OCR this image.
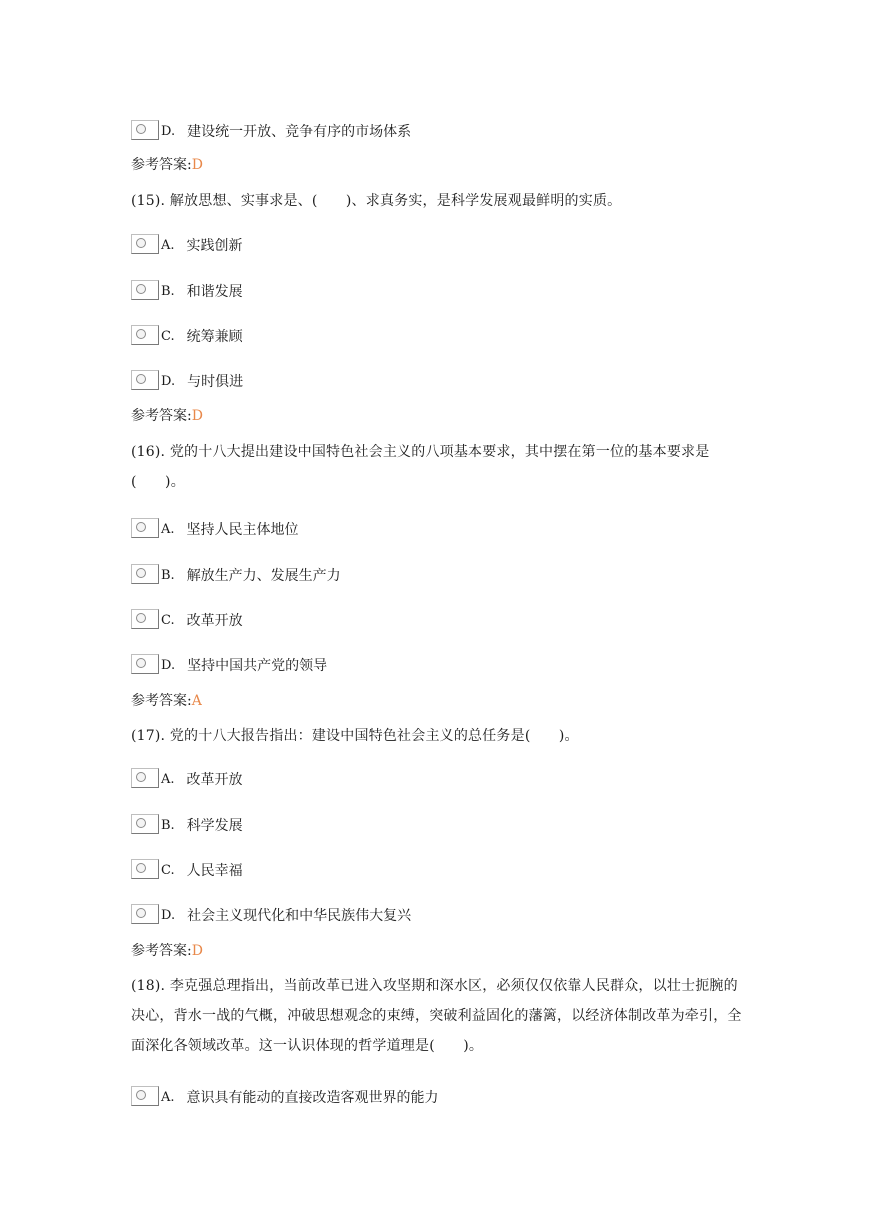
D. 建设统一开放、竞争有序的市场体系
参考答案:D
(15). 解放思想、实事求是、(　　)、求真务实，是科学发展观最鲜明的实质。
A. 实践创新
B. 和谐发展
C. 统筹兼顾
D. 与时俱进
参考答案:D
(16). 党的十八大提出建设中国特色社会主义的八项基本要求，其中摆在第一位的基本要求是(　　)。
A. 坚持人民主体地位
B. 解放生产力、发展生产力
C. 改革开放
D. 坚持中国共产党的领导
参考答案:A
(17). 党的十八大报告指出：建设中国特色社会主义的总任务是(　　)。
A. 改革开放
B. 科学发展
C. 人民幸福
D. 社会主义现代化和中华民族伟大复兴
参考答案:D
(18). 李克强总理指出，当前改革已进入攻坚期和深水区，必须仅仅依靠人民群众，以壮士扼腕的决心，背水一战的气概，冲破思想观念的束缚，突破利益固化的藩篱，以经济体制改革为牵引，全面深化各领域改革。这一认识体现的哲学道理是(　　)。
A. 意识具有能动的直接改造客观世界的能力
